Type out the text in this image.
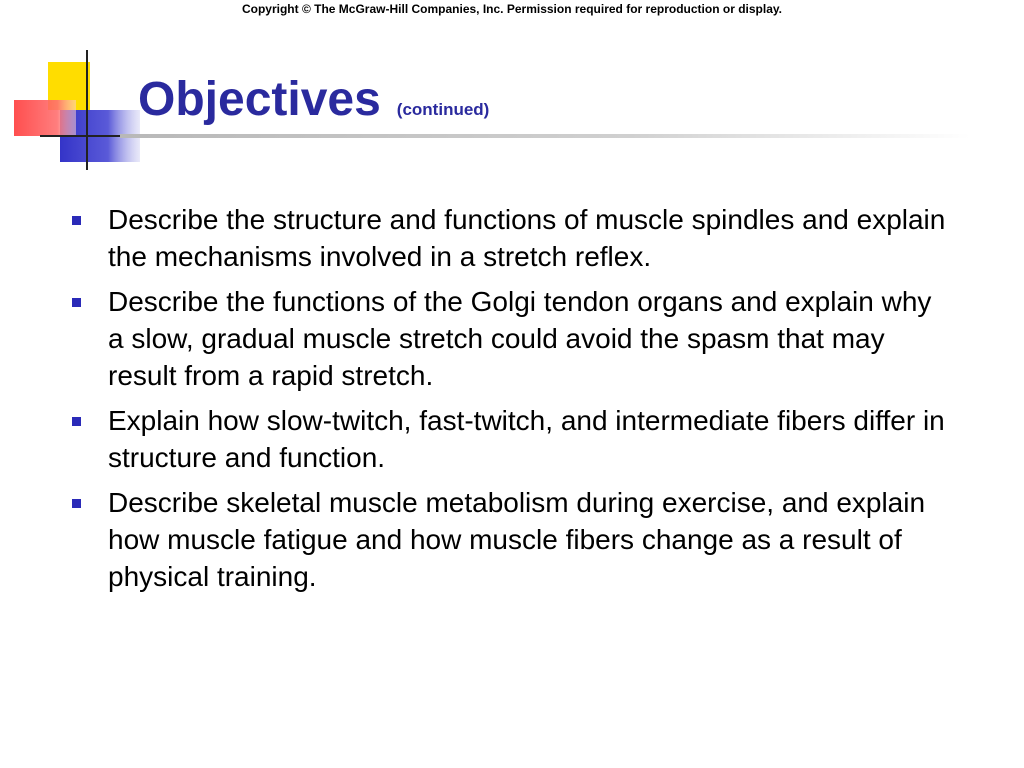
Copyright © The McGraw-Hill Companies, Inc. Permission required for reproduction or display.
Objectives (continued)
Describe the structure and functions of muscle spindles and explain the mechanisms involved in a stretch reflex.
Describe the functions of the Golgi tendon organs and explain why a slow, gradual muscle stretch could avoid the spasm that may result from a rapid stretch.
Explain how slow-twitch, fast-twitch, and intermediate fibers differ in structure and function.
Describe skeletal muscle metabolism during exercise, and explain how muscle fatigue and how muscle fibers change as a result of physical training.
